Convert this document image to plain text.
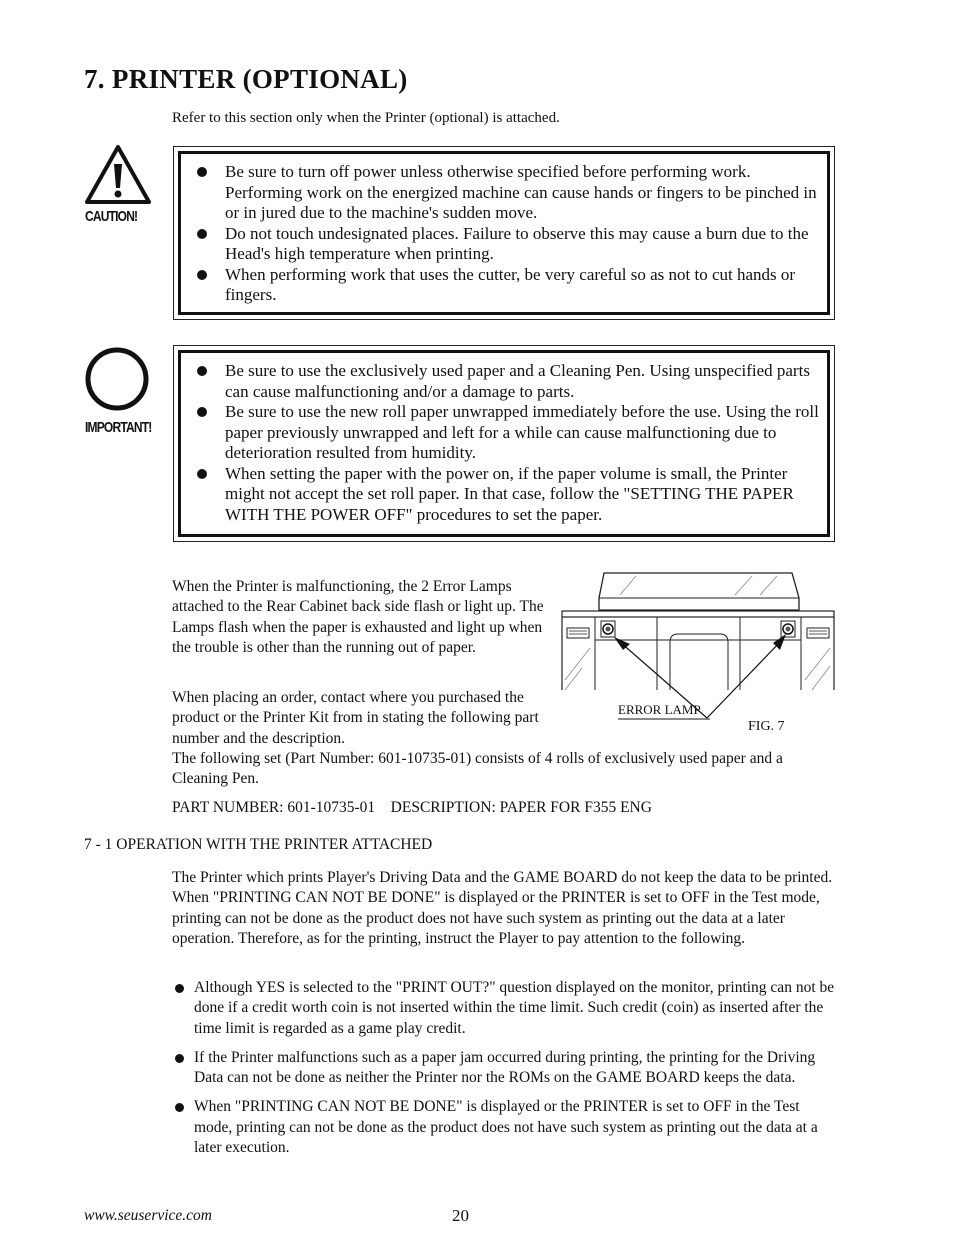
7. PRINTER (OPTIONAL)
Refer to this section only when the Printer (optional) is attached.
CAUTION!
Be sure to turn off power unless otherwise specified before performing work. Performing work on the energized machine can cause hands or fingers to be pinched in or in jured due to the machine's sudden move.
Do not touch undesignated places. Failure to observe this may cause a burn due to the Head's high temperature when printing.
When performing work that uses the cutter, be very careful so as not to cut hands or fingers.
IMPORTANT!
Be sure to use the exclusively used paper and a Cleaning Pen. Using unspecified parts can cause malfunctioning and/or a damage to parts.
Be sure to use the new roll paper unwrapped immediately before the use. Using the roll paper previously unwrapped and left for a while can cause malfunctioning due to deterioration resulted from humidity.
When setting the paper with the power on, if the paper volume is small, the Printer might not accept the set roll paper. In that case, follow the "SETTING THE PAPER WITH THE POWER OFF" procedures to set the paper.
When the Printer is malfunctioning, the 2 Error Lamps attached to the Rear Cabinet back side flash or light up. The Lamps flash when the paper is exhausted and light up when the trouble is other than the running out of paper.
When placing an order, contact where you purchased the product or the Printer Kit from in stating the following part number and the description.
The following set (Part Number: 601-10735-01) consists of 4 rolls of exclusively used paper and a Cleaning Pen.
PART NUMBER: 601-10735-01    DESCRIPTION: PAPER FOR F355 ENG
ERROR LAMP
FIG. 7
7 - 1 OPERATION WITH THE PRINTER ATTACHED
The Printer which prints Player's Driving Data and the GAME BOARD do not keep the data to be printed. When "PRINTING CAN NOT BE DONE" is displayed or the PRINTER is set to OFF in the Test mode, printing can not be done as the product does not have such system as printing out the data at a later operation. Therefore, as for the printing, instruct the Player to pay attention to the following.
Although YES is selected to the "PRINT OUT?" question displayed on the monitor, printing can not be done if a credit worth coin is not inserted within the time limit. Such credit (coin) as inserted after the time limit is regarded as a game play credit.
If the Printer malfunctions such as a paper jam occurred during printing, the printing for the Driving Data can not be done as neither the Printer nor the ROMs on the GAME BOARD keeps the data.
When "PRINTING CAN NOT BE DONE" is displayed or the PRINTER is set to OFF in the Test mode, printing can not be done as the product does not have such system as printing out the data at a later execution.
www.seuservice.com	20
